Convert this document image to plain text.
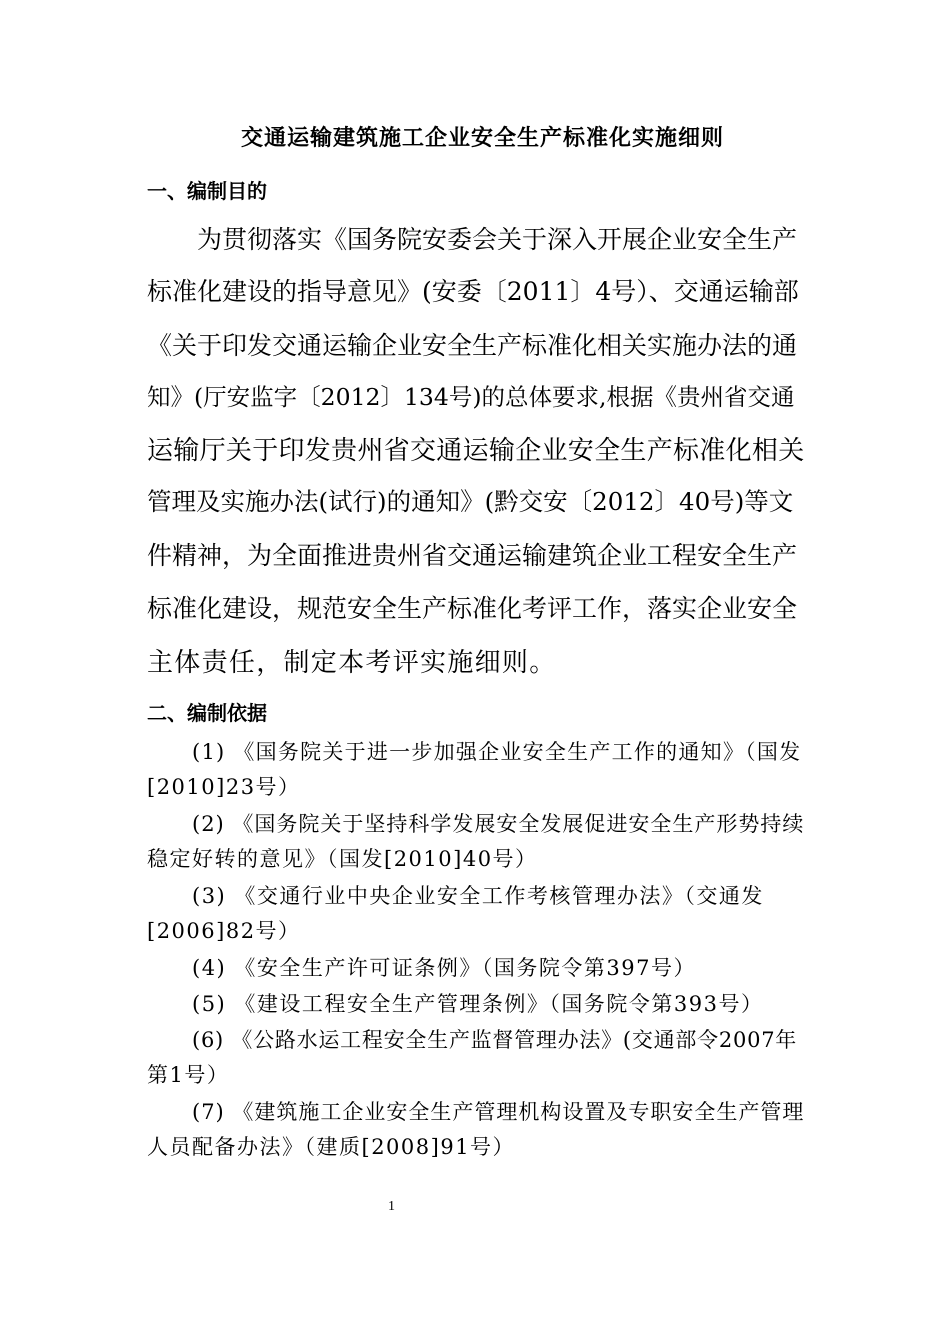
交通运输建筑施工企业安全生产标准化实施细则
一、编制目的
为贯彻落实《国务院安委会关于深入开展企业安全生产
标准化建设的指导意见》(安委〔2011〕4号）、交通运输部
《关于印发交通运输企业安全生产标准化相关实施办法的通
知》(厅安监字〔2012〕134号)的总体要求,根据《贵州省交通
运输厅关于印发贵州省交通运输企业安全生产标准化相关
管理及实施办法(试行)的通知》(黔交安〔2012〕40号)等文
件精神，为全面推进贵州省交通运输建筑企业工程安全生产
标准化建设，规范安全生产标准化考评工作，落实企业安全
主体责任，制定本考评实施细则。
二、编制依据
(1) 《国务院关于进一步加强企业安全生产工作的通知》（国发
[2010]23号）
(2) 《国务院关于坚持科学发展安全发展促进安全生产形势持续
稳定好转的意见》（国发[2010]40号）
(3) 《交通行业中央企业安全工作考核管理办法》（交通发
[2006]82号）
(4) 《安全生产许可证条例》（国务院令第397号）
(5) 《建设工程安全生产管理条例》（国务院令第393号）
(6) 《公路水运工程安全生产监督管理办法》(交通部令2007年
第1号）
(7) 《建筑施工企业安全生产管理机构设置及专职安全生产管理
人员配备办法》（建质[2008]91号）
1
